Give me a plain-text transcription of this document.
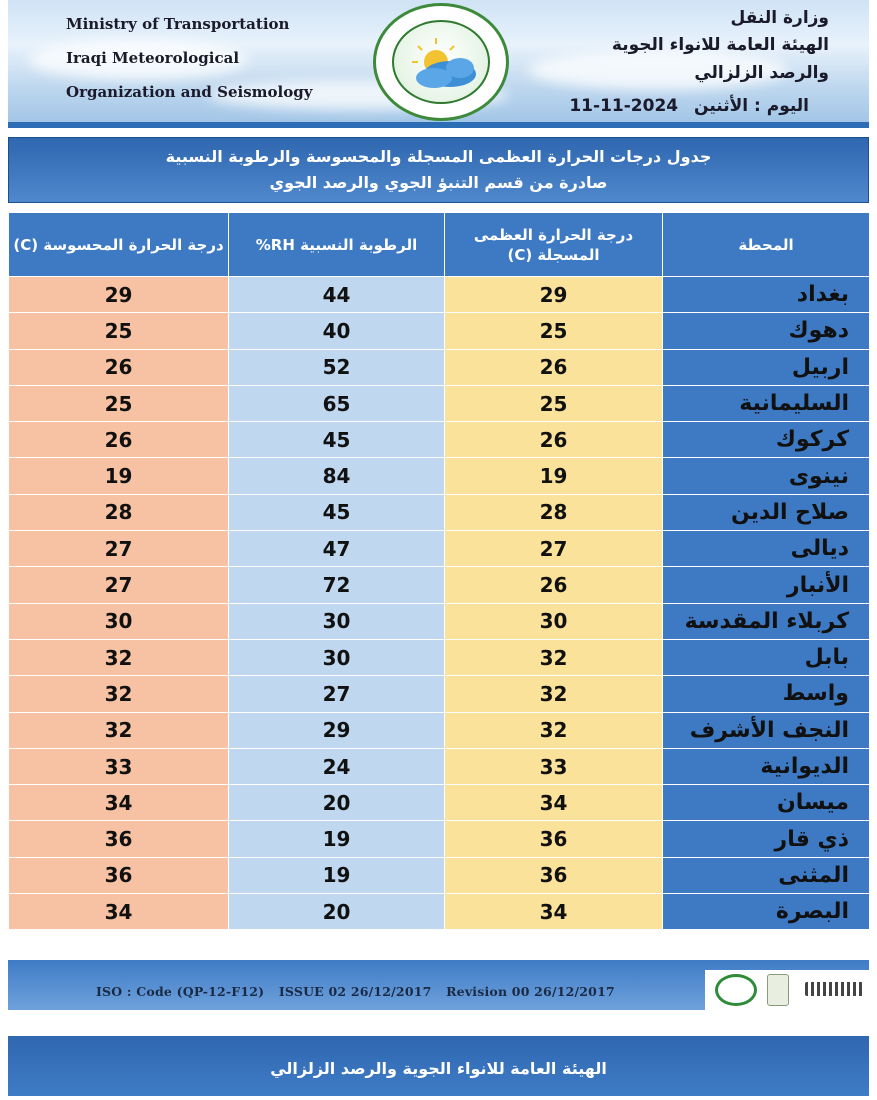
Ministry of Transportation
Iraqi Meteorological
Organization and Seismology
وزارة النقل
الهيئة العامة للانواء الجوية
والرصد الزلزالي
اليوم : الأثنين 2024-11-11
جدول درجات الحرارة العظمى المسجلة والمحسوسة والرطوبة النسبية
صادرة من قسم التنبؤ الجوي والرصد الجوي
درجة الحرارة المحسوسة (C)	الرطوبة النسبية RH%	درجة الحرارة العظمى المسجلة (C)	المحطة
29	44	29	بغداد
25	40	25	دهوك
26	52	26	اربيل
25	65	25	السليمانية
26	45	26	كركوك
19	84	19	نينوى
28	45	28	صلاح الدين
27	47	27	ديالى
27	72	26	الأنبار
30	30	30	كربلاء المقدسة
32	30	32	بابل
32	27	32	واسط
32	29	32	النجف الأشرف
33	24	33	الديوانية
34	20	34	ميسان
36	19	36	ذي قار
36	19	36	المثنى
34	20	34	البصرة
ISO : Code (QP-12-F12) ISSUE 02 26/12/2017 Revision 00 26/12/2017
الهيئة العامة للانواء الجوية والرصد الزلزالي
